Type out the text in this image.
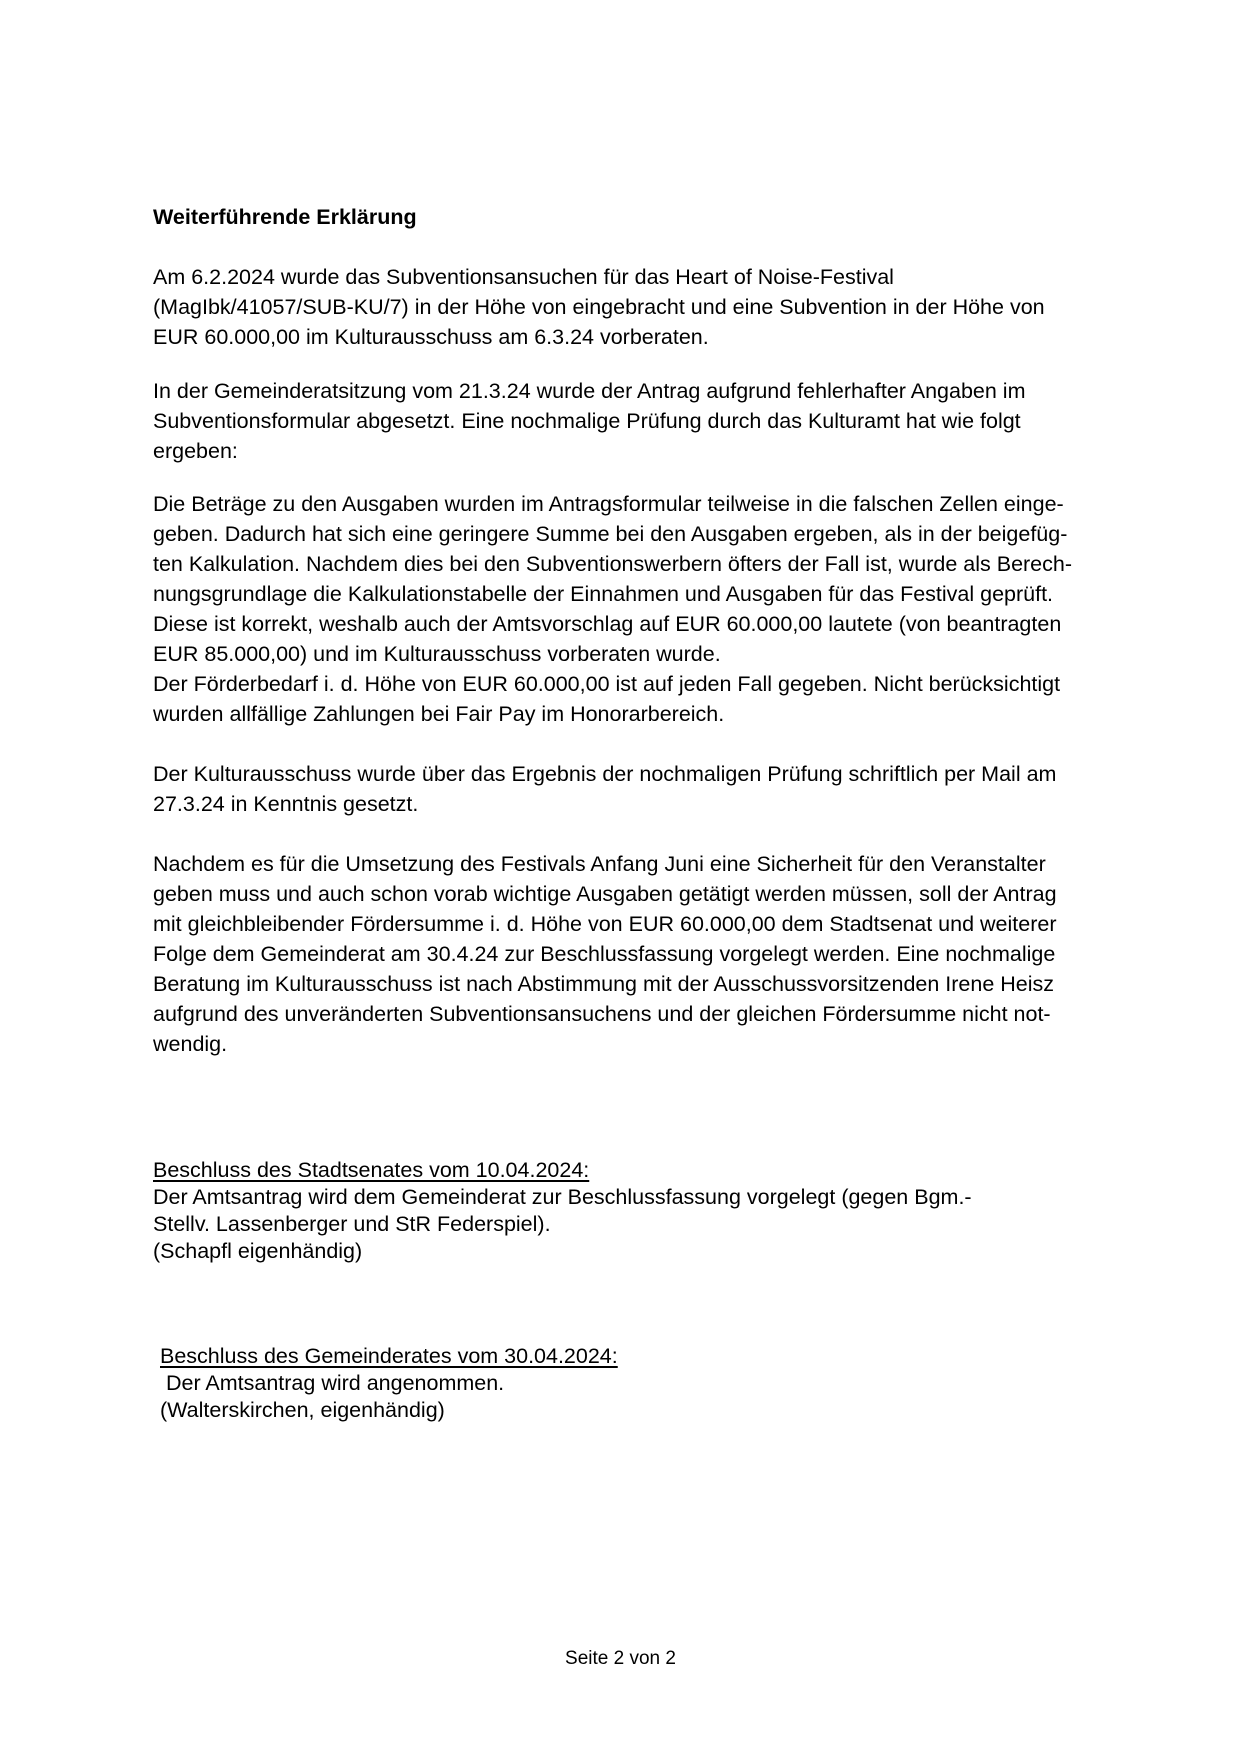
Weiterführende Erklärung
Am 6.2.2024 wurde das Subventionsansuchen für das Heart of Noise-Festival
(MagIbk/41057/SUB-KU/7) in der Höhe von eingebracht und eine Subvention in der Höhe von
EUR 60.000,00 im Kulturausschuss am 6.3.24 vorberaten.
In der Gemeinderatsitzung vom 21.3.24 wurde der Antrag aufgrund fehlerhafter Angaben im
Subventionsformular abgesetzt. Eine nochmalige Prüfung durch das Kulturamt hat wie folgt
ergeben:
Die Beträge zu den Ausgaben wurden im Antragsformular teilweise in die falschen Zellen einge-
geben. Dadurch hat sich eine geringere Summe bei den Ausgaben ergeben, als in der beigefüg-
ten Kalkulation. Nachdem dies bei den Subventionswerbern öfters der Fall ist, wurde als Berech-
nungsgrundlage die Kalkulationstabelle der Einnahmen und Ausgaben für das Festival geprüft.
Diese ist korrekt, weshalb auch der Amtsvorschlag auf EUR 60.000,00 lautete (von beantragten
EUR 85.000,00) und im Kulturausschuss vorberaten wurde.
Der Förderbedarf i. d. Höhe von EUR 60.000,00 ist auf jeden Fall gegeben. Nicht berücksichtigt
wurden allfällige Zahlungen bei Fair Pay im Honorarbereich.
Der Kulturausschuss wurde über das Ergebnis der nochmaligen Prüfung schriftlich per Mail am
27.3.24 in Kenntnis gesetzt.
Nachdem es für die Umsetzung des Festivals Anfang Juni eine Sicherheit für den Veranstalter
geben muss und auch schon vorab wichtige Ausgaben getätigt werden müssen, soll der Antrag
mit gleichbleibender Fördersumme i. d. Höhe von EUR 60.000,00 dem Stadtsenat und weiterer
Folge dem Gemeinderat am 30.4.24 zur Beschlussfassung vorgelegt werden. Eine nochmalige
Beratung im Kulturausschuss ist nach Abstimmung mit der Ausschussvorsitzenden Irene Heisz
aufgrund des unveränderten Subventionsansuchens und der gleichen Fördersumme nicht not-
wendig.
Beschluss des Stadtsenates vom 10.04.2024:
Der Amtsantrag wird dem Gemeinderat zur Beschlussfassung vorgelegt (gegen Bgm.-
Stellv. Lassenberger und StR Federspiel).
(Schapfl eigenhändig)
Beschluss des Gemeinderates vom 30.04.2024:
Der Amtsantrag wird angenommen.
(Walterskirchen, eigenhändig)
Seite 2 von 2
